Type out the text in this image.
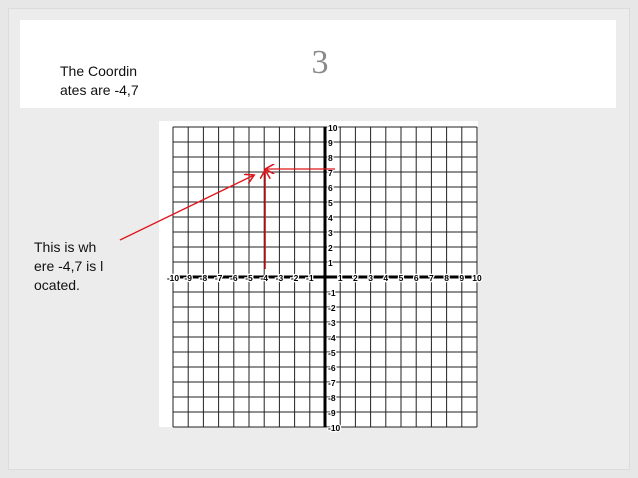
3
The Coordinates are -4,7
This is where -4,7 is located.	-10 -9 -8 -7 -6 -5 -4 -3 -2 -1	1 2 3 4 5 6 7 8 9 10
10
9
8
7
6
5
4
3
2
1
-1
-2
-3
-4
-5
-6
-7
-8
-9
-10
